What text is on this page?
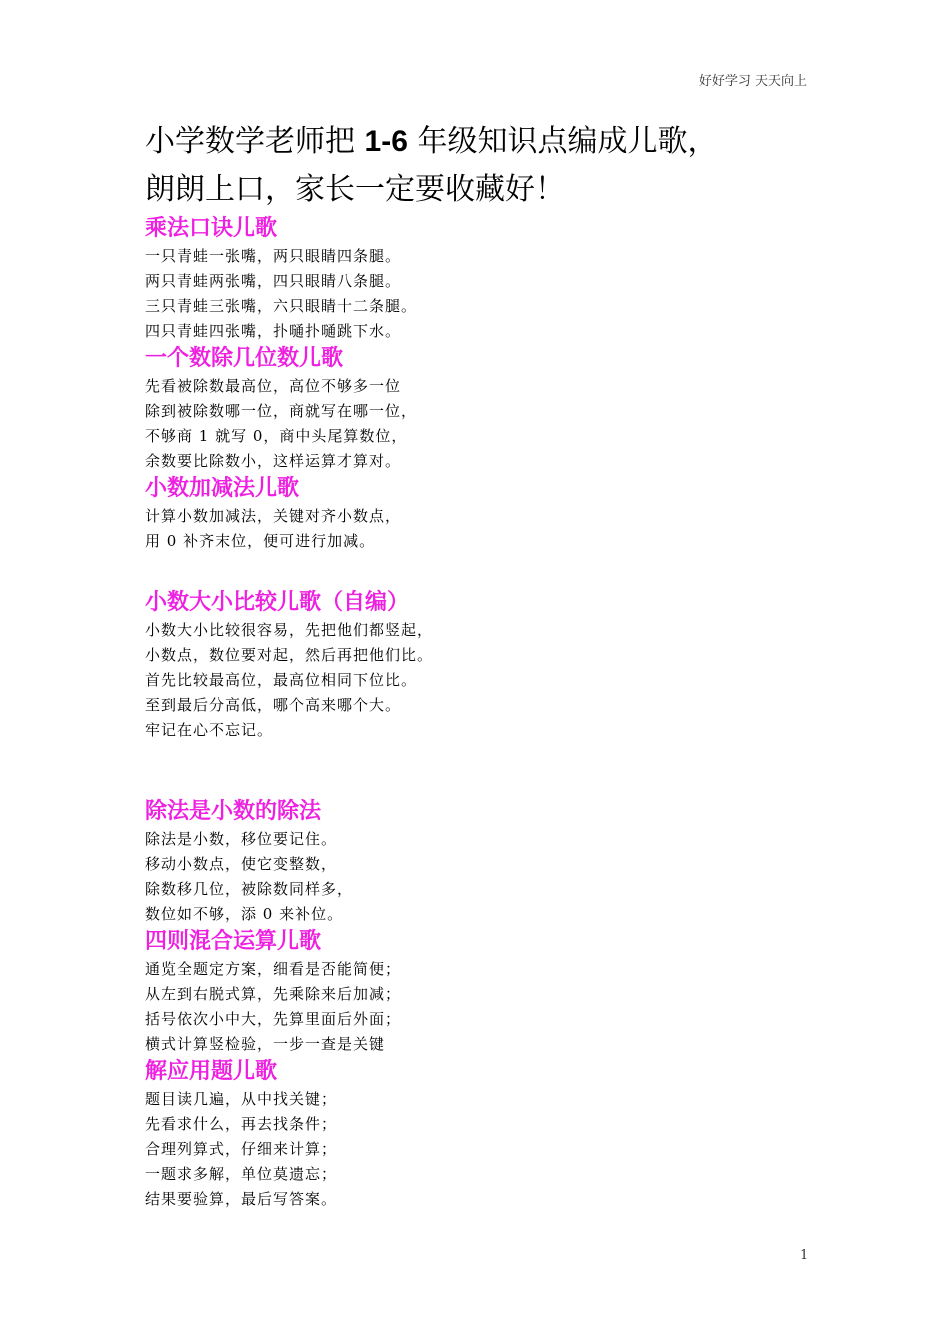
好好学习 天天向上
小学数学老师把 1-6 年级知识点编成儿歌，
朗朗上口，家长一定要收藏好！
乘法口诀儿歌

一只青蛙一张嘴，两只眼睛四条腿。

两只青蛙两张嘴，四只眼睛八条腿。

三只青蛙三张嘴，六只眼睛十二条腿。

四只青蛙四张嘴，扑嗵扑嗵跳下水。

一个数除几位数儿歌

先看被除数最高位，高位不够多一位

除到被除数哪一位，商就写在哪一位，

不够商 1 就写 0，商中头尾算数位，

余数要比除数小，这样运算才算对。

小数加减法儿歌

计算小数加减法，关键对齐小数点，

用 0 补齐末位，便可进行加减。

小数大小比较儿歌（自编）

小数大小比较很容易，先把他们都竖起，

小数点，数位要对起，然后再把他们比。

首先比较最高位，最高位相同下位比。

至到最后分高低，哪个高来哪个大。

牢记在心不忘记。

除法是小数的除法

除法是小数，移位要记住。

移动小数点，使它变整数，

除数移几位，被除数同样多，

数位如不够，添 0 来补位。

四则混合运算儿歌

通览全题定方案，细看是否能简便；

从左到右脱式算，先乘除来后加减；

括号依次小中大，先算里面后外面；

横式计算竖检验，一步一查是关键

解应用题儿歌

题目读几遍，从中找关键；

先看求什么，再去找条件；

合理列算式，仔细来计算；

一题求多解，单位莫遗忘；

结果要验算，最后写答案。

1
